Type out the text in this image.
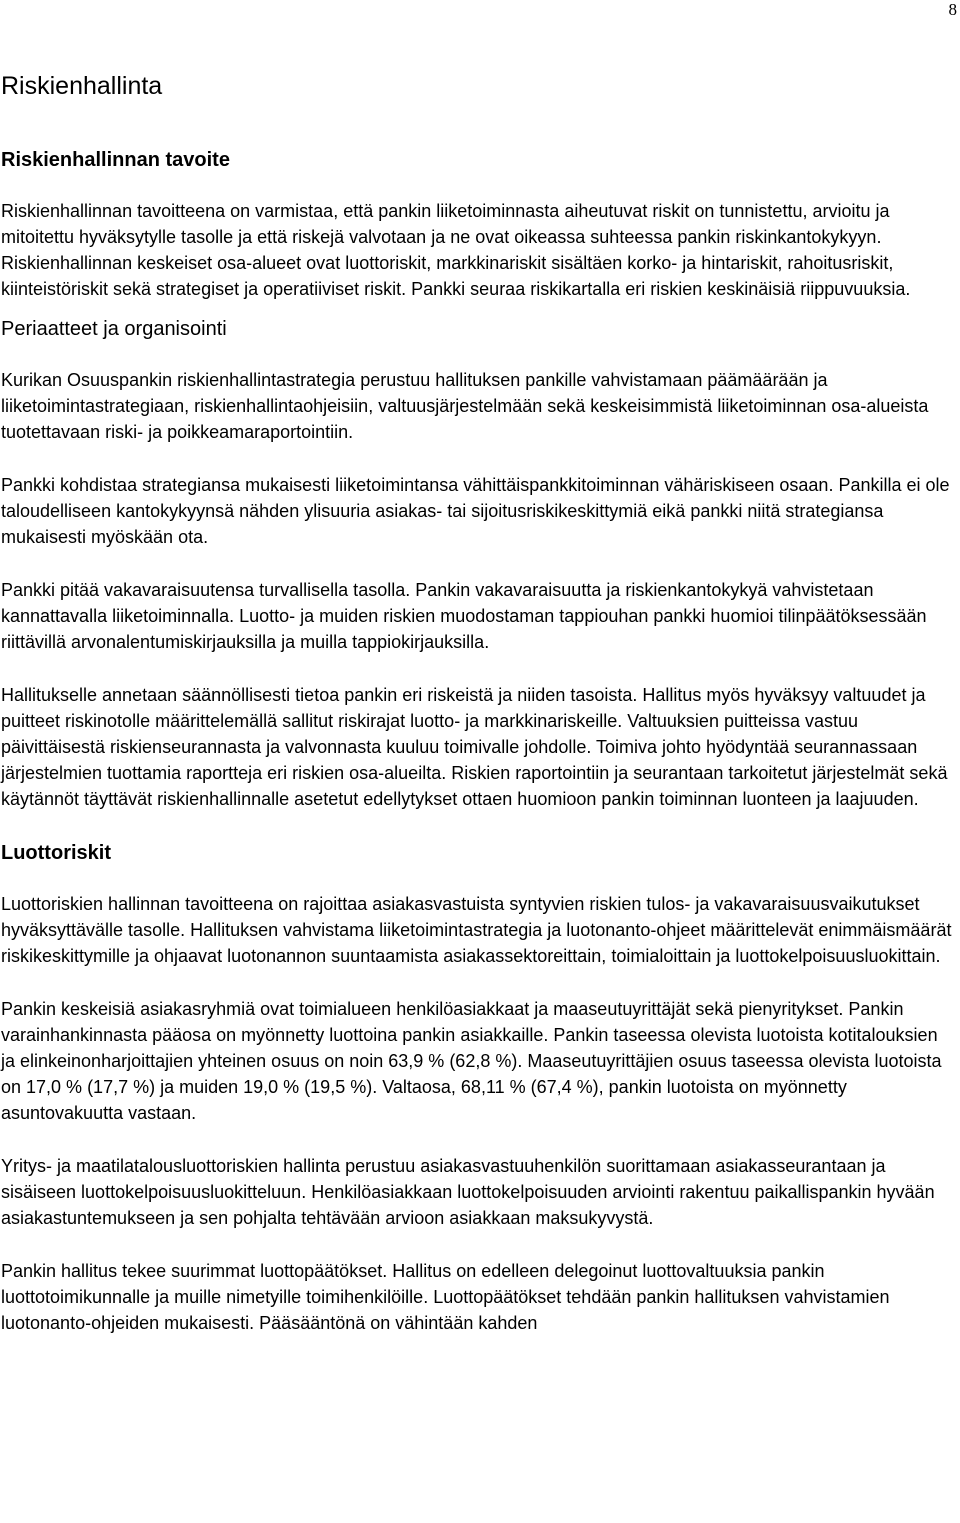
8
Riskienhallinta
Riskienhallinnan tavoite

Riskienhallinnan tavoitteena on varmistaa, että pankin liiketoiminnasta aiheutuvat riskit on tunnistettu, arvioitu ja mitoitettu hyväksytylle tasolle ja että riskejä valvotaan ja ne ovat oikeassa suhteessa pankin riskinkantokykyyn. Riskienhallinnan keskeiset osa-alueet ovat luottoriskit, markkinariskit sisältäen korko- ja hintariskit, rahoitusriskit, kiinteistöriskit sekä strategiset ja operatiiviset riskit. Pankki seuraa riskikartalla eri riskien keskinäisiä riippuvuuksia.

Periaatteet ja organisointi

Kurikan Osuuspankin riskienhallintastrategia perustuu hallituksen pankille vahvistamaan päämäärään ja liiketoimintastrategiaan, riskienhallintaohjeisiin, valtuusjärjestelmään sekä keskeisimmistä liiketoiminnan osa-alueista tuotettavaan riski- ja poikkeamaraportointiin.

Pankki kohdistaa strategiansa mukaisesti liiketoimintansa vähittäispankkitoiminnan vähäriskiseen osaan. Pankilla ei ole taloudelliseen kantokykyynsä nähden ylisuuria asiakas- tai sijoitusriskikeskittymiä eikä pankki niitä strategiansa mukaisesti myöskään ota.

Pankki pitää vakavaraisuutensa turvallisella tasolla. Pankin vakavaraisuutta ja riskienkantokykyä vahvistetaan kannattavalla liiketoiminnalla. Luotto- ja muiden riskien muodostaman tappiouhan pankki huomioi tilinpäätöksessään riittävillä arvonalentumiskirjauksilla ja muilla tappiokirjauksilla.

Hallitukselle annetaan säännöllisesti tietoa pankin eri riskeistä ja niiden tasoista. Hallitus myös hyväksyy valtuudet ja puitteet riskinotolle määrittelemällä sallitut riskirajat luotto- ja markkinariskeille. Valtuuksien puitteissa vastuu päivittäisestä riskienseurannasta ja valvonnasta kuuluu toimivalle johdolle. Toimiva johto hyödyntää seurannassaan järjestelmien tuottamia raportteja eri riskien osa-alueilta. Riskien raportointiin ja seurantaan tarkoitetut järjestelmät sekä käytännöt täyttävät riskienhallinnalle asetetut edellytykset ottaen huomioon pankin toiminnan luonteen ja laajuuden.

Luottoriskit

Luottoriskien hallinnan tavoitteena on rajoittaa asiakasvastuista syntyvien riskien tulos- ja vakavaraisuusvaikutukset hyväksyttävälle tasolle. Hallituksen vahvistama liiketoimintastrategia ja luotonanto-ohjeet määrittelevät enimmäismäärät riskikeskittymille ja ohjaavat luotonannon suuntaamista asiakassektoreittain, toimialoittain ja luottokelpoisuusluokittain.

Pankin keskeisiä asiakasryhmiä ovat toimialueen henkilöasiakkaat ja maaseutuyrittäjät sekä pienyritykset. Pankin varainhankinnasta pääosa on myönnetty luottoina pankin asiakkaille. Pankin taseessa olevista luotoista kotitalouksien ja elinkeinonharjoittajien yhteinen osuus on noin 63,9 % (62,8 %). Maaseutuyrittäjien osuus taseessa olevista luotoista on 17,0 % (17,7 %) ja muiden 19,0 % (19,5 %). Valtaosa, 68,11 % (67,4 %), pankin luotoista on myönnetty asuntovakuutta vastaan.

Yritys- ja maatilatalousluottoriskien hallinta perustuu asiakasvastuuhenkilön suorittamaan asiakasseurantaan ja sisäiseen luottokelpoisuusluokitteluun. Henkilöasiakkaan luottokelpoisuuden arviointi rakentuu paikallispankin hyvään asiakastuntemukseen ja sen pohjalta tehtävään arvioon asiakkaan maksukyvystä.

Pankin hallitus tekee suurimmat luottopäätökset. Hallitus on edelleen delegoinut luottovaltuuksia pankin luottotoimikunnalle ja muille nimetyille toimihenkilöille. Luottopäätökset tehdään pankin hallituksen vahvistamien luotonanto-ohjeiden mukaisesti. Pääsääntönä on vähintään kahden
